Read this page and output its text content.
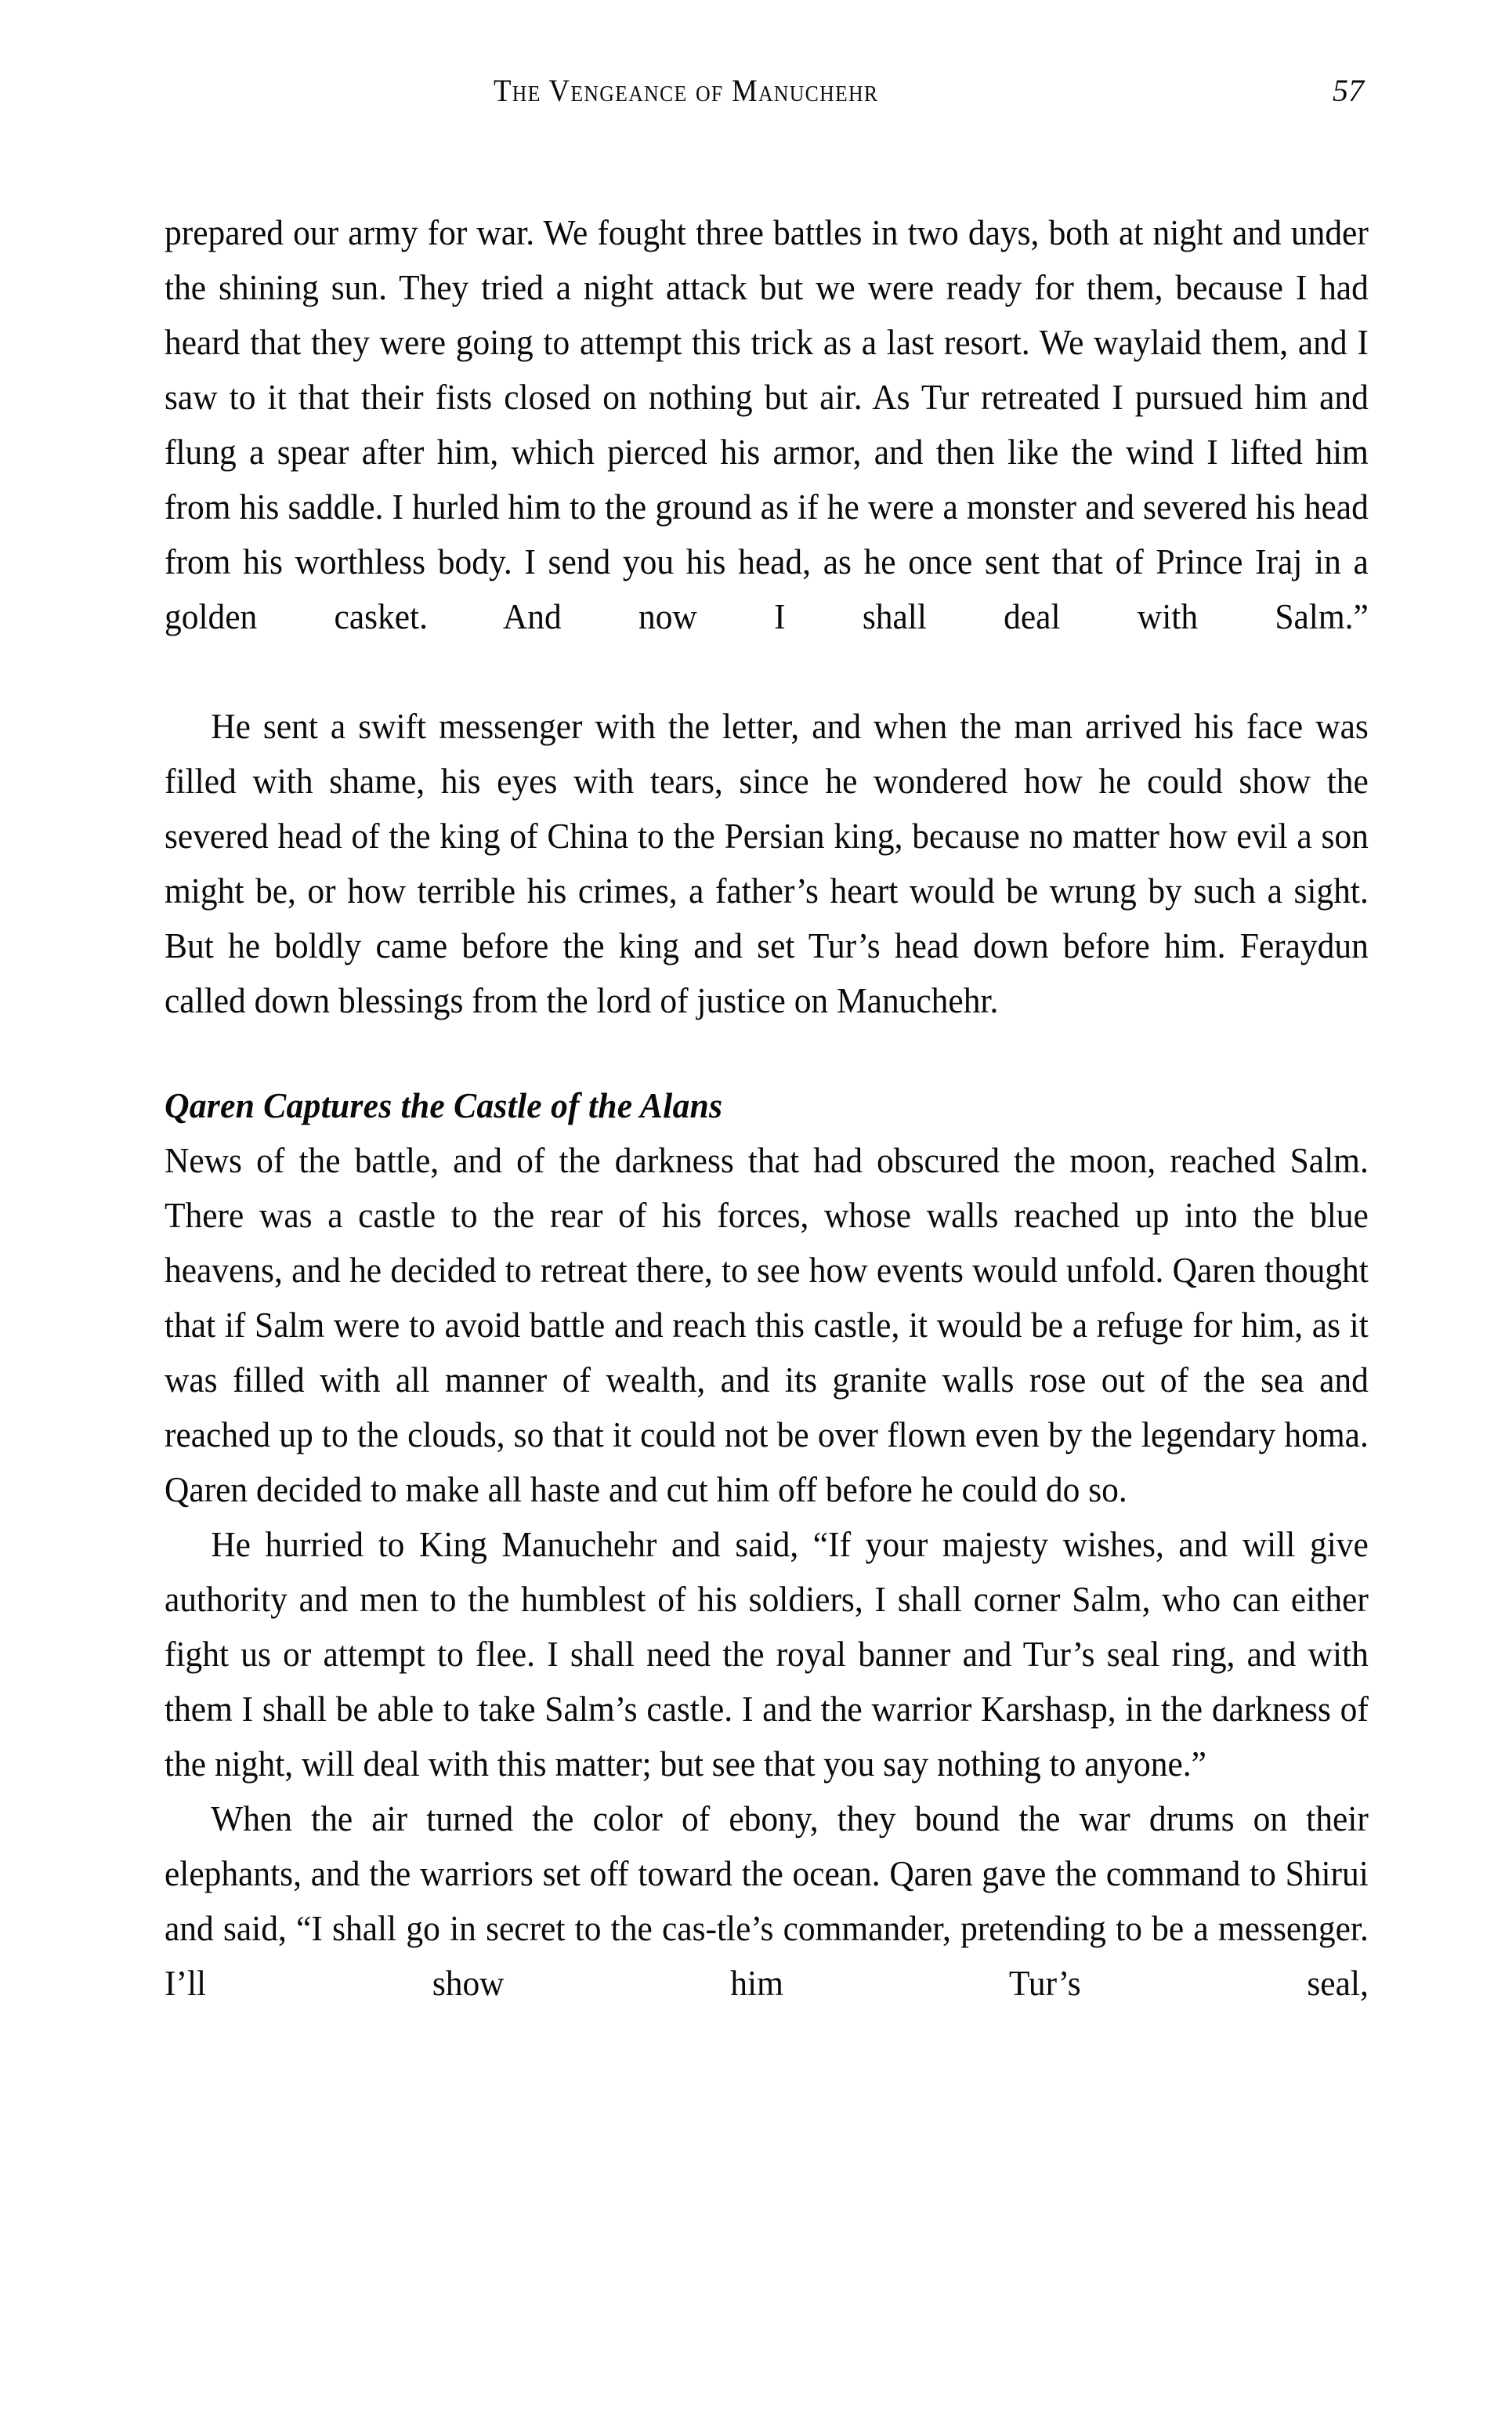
The Vengeance of Manuchehr	57

prepared our army for war. We fought three battles in two days, both at night and under the shining sun. They tried a night attack but we were ready for them, because I had heard that they were going to attempt this trick as a last resort. We waylaid them, and I saw to it that their fists closed on nothing but air. As Tur retreated I pursued him and flung a spear after him, which pierced his armor, and then like the wind I lifted him from his saddle. I hurled him to the ground as if he were a monster and severed his head from his worthless body. I send you his head, as he once sent that of Prince Iraj in a golden casket. And now I shall deal with Salm.”

He sent a swift messenger with the letter, and when the man arrived his face was filled with shame, his eyes with tears, since he wondered how he could show the severed head of the king of China to the Persian king, because no matter how evil a son might be, or how terrible his crimes, a father’s heart would be wrung by such a sight. But he boldly came before the king and set Tur’s head down before him. Feraydun called down blessings from the lord of justice on Manuchehr.

Qaren Captures the Castle of the Alans

News of the battle, and of the darkness that had obscured the moon, reached Salm. There was a castle to the rear of his forces, whose walls reached up into the blue heavens, and he decided to retreat there, to see how events would unfold. Qaren thought that if Salm were to avoid battle and reach this castle, it would be a refuge for him, as it was filled with all manner of wealth, and its granite walls rose out of the sea and reached up to the clouds, so that it could not be over flown even by the legendary homa. Qaren decided to make all haste and cut him off before he could do so.

He hurried to King Manuchehr and said, “If your majesty wishes, and will give authority and men to the humblest of his soldiers, I shall corner Salm, who can either fight us or attempt to flee. I shall need the royal banner and Tur’s seal ring, and with them I shall be able to take Salm’s castle. I and the warrior Karshasp, in the darkness of the night, will deal with this matter; but see that you say nothing to anyone.”

When the air turned the color of ebony, they bound the war drums on their elephants, and the warriors set off toward the ocean. Qaren gave the command to Shirui and said, “I shall go in secret to the cas-tle’s commander, pretending to be a messenger. I’ll show him Tur’s seal,
